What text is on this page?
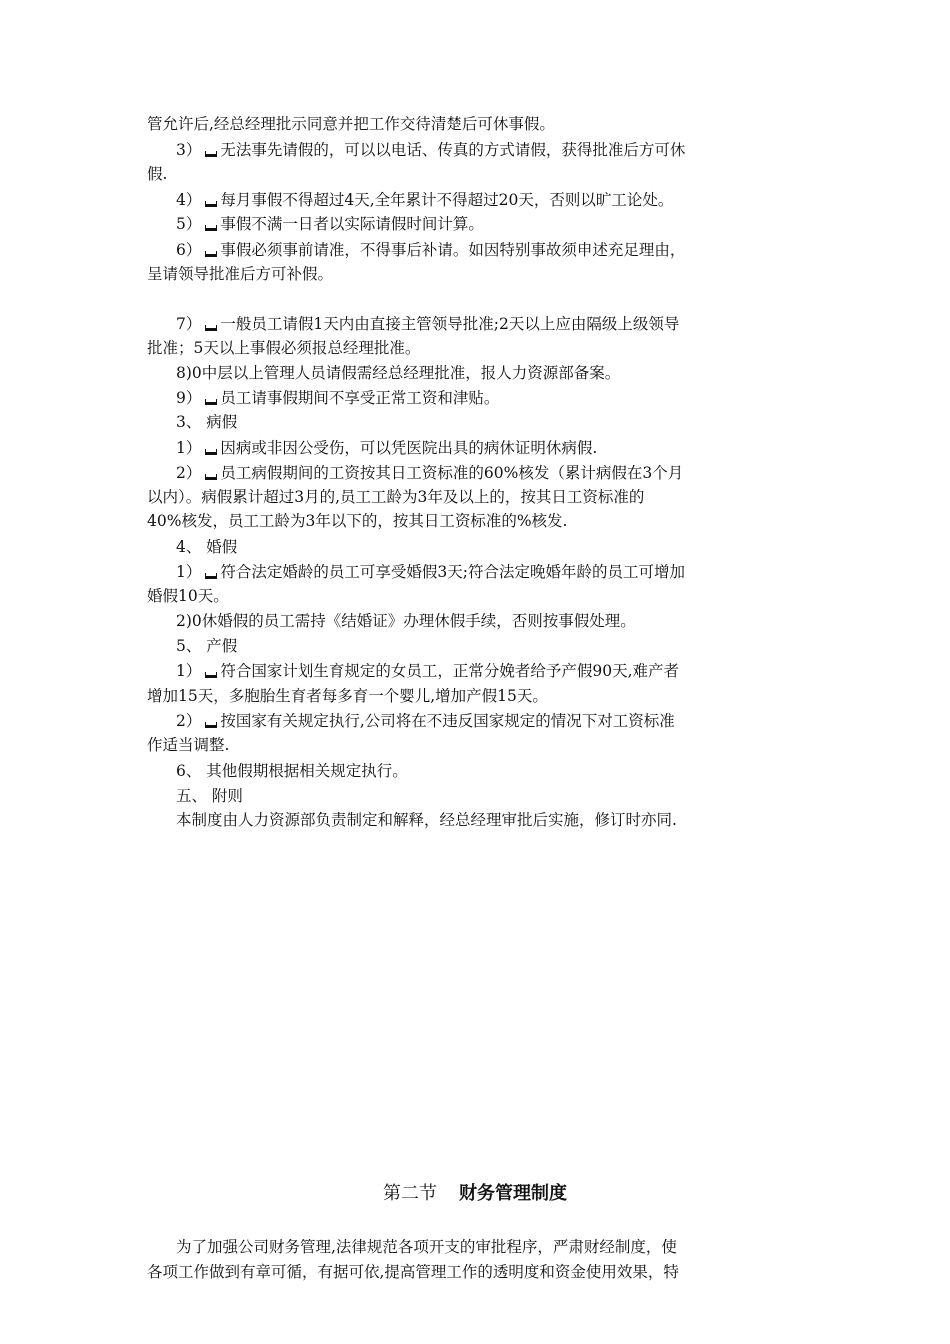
管允许后,经总经理批示同意并把工作交待清楚后可休事假。
3） 无法事先请假的，可以以电话、传真的方式请假，获得批准后方可休
假.
4） 每月事假不得超过4天,全年累计不得超过20天，否则以旷工论处。
5） 事假不满一日者以实际请假时间计算。
6） 事假必须事前请准，不得事后补请。如因特别事故须申述充足理由，
呈请领导批准后方可补假。
7） 一般员工请假1天内由直接主管领导批准;2天以上应由隔级上级领导
批准；5天以上事假必须报总经理批准。
8)0中层以上管理人员请假需经总经理批准，报人力资源部备案。
9） 员工请事假期间不享受正常工资和津贴。
3、 病假
1） 因病或非因公受伤，可以凭医院出具的病休证明休病假.
2） 员工病假期间的工资按其日工资标准的60%核发（累计病假在3个月
以内）。病假累计超过3月的,员工工龄为3年及以上的，按其日工资标准的
40%核发，员工工龄为3年以下的，按其日工资标准的%核发.
4、 婚假
1） 符合法定婚龄的员工可享受婚假3天;符合法定晚婚年龄的员工可增加
婚假10天。
2)0休婚假的员工需持《结婚证》办理休假手续，否则按事假处理。
5、 产假
1） 符合国家计划生育规定的女员工，正常分娩者给予产假90天,难产者
增加15天，多胞胎生育者每多育一个婴儿,增加产假15天。
2） 按国家有关规定执行,公司将在不违反国家规定的情况下对工资标准
作适当调整.
6、 其他假期根据相关规定执行。
五、 附则
本制度由人力资源部负责制定和解释，经总经理审批后实施，修订时亦同.
第二节 财务管理制度
为了加强公司财务管理,法律规范各项开支的审批程序，严肃财经制度，使
各项工作做到有章可循，有据可依,提高管理工作的透明度和资金使用效果，特
